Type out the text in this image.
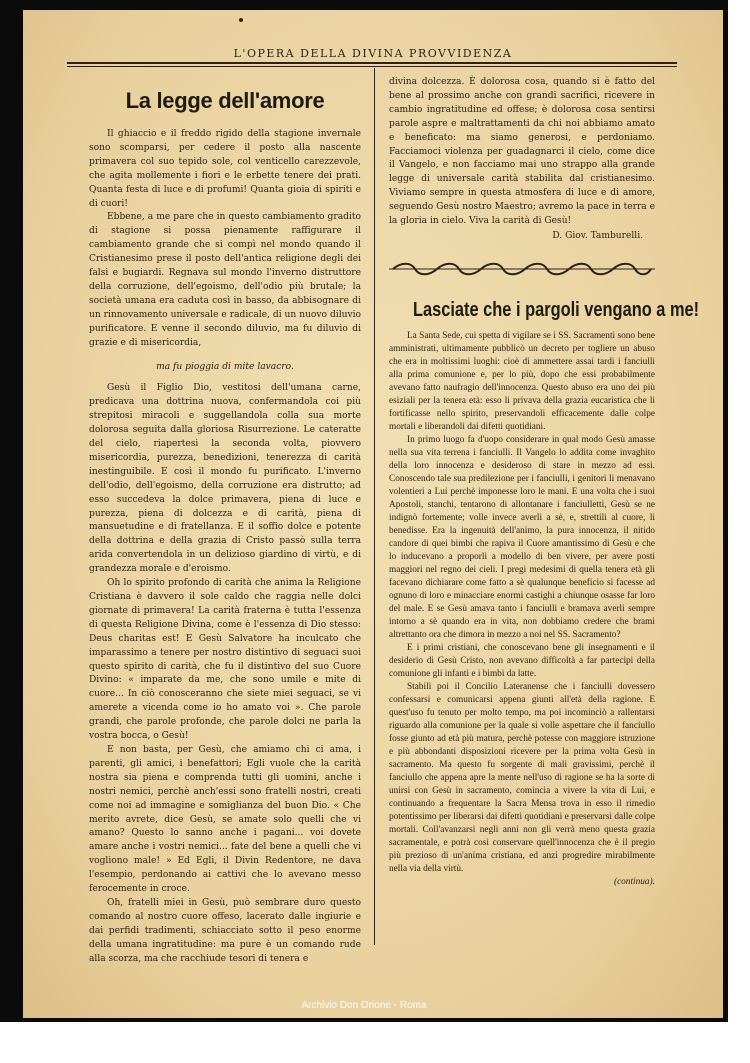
L'OPERA DELLA DIVINA PROVVIDENZA
La legge dell'amore

Il ghiaccio e il freddo rigido della stagione invernale sono scomparsi, per cedere il posto alla nascente primavera col suo tepido sole, col venticello carezzevole, che agita mollemente i fiori e le erbette tenere dei prati. Quanta festa di luce e di profumi! Quanta gioia di spiriti e di cuori!

Ebbene, a me pare che in questo cambiamento gradito di stagione si possa pienamente raffigurare il cambiamento grande che si compì nel mondo quando il Cristianesimo prese il posto dell'antica religione degli dei falsi e bugiardi. Regnava sul mondo l'inverno distruttore della corruzione, dell'egoismo, dell'odio più brutale; la società umana era caduta così in basso, da abbisognare di un rinnovamento universale e radicale, di un nuovo diluvio purificatore. E venne il secondo diluvio, ma fu diluvio di grazie e di misericordia,

ma fu pioggia di mite lavacro.

Gesù il Figlio Dio, vestitosi dell'umana carne, predicava una dottrina nuova, confermandola coi più strepitosi miracoli e suggellandola colla sua morte dolorosa seguita dalla gloriosa Risurrezione. Le cateratte del cielo, riapertesi la seconda volta, piovvero misericordia, purezza, benedizioni, tenerezza di carità inestinguibile. E così il mondo fu purificato. L'inverno dell'odio, dell'egoismo, della corruzione era distrutto; ad esso succedeva la dolce primavera, piena di luce e purezza, piena di dolcezza e di carità, piena di mansuetudine e di fratellanza. E il soffio dolce e potente della dottrina e della grazia di Cristo passò sulla terra arida convertendola in un delizioso giardino di virtù, e di grandezza morale e d'eroismo.

Oh lo spirito profondo di carità che anima la Religione Cristiana è davvero il sole caldo che raggia nelle dolci giornate di primavera! La carità fraterna è tutta l'essenza di questa Religione Divina, come è l'essenza di Dio stesso: Deus charitas est! E Gesù Salvatore ha inculcato che imparassimo a tenere per nostro distintivo di seguaci suoi questo spirito di carità, che fu il distintivo del suo Cuore Divino: « imparate da me, che sono umile e mite di cuore... In ciò conosceranno che siete miei seguaci, se vi amerete a vicenda come io ho amato voi ». Che parole grandi, che parole profonde, che parole dolci ne parla la vostra bocca, o Gesù!

E non basta, per Gesù, che amiamo chi ci ama, i parenti, gli amici, i benefattori; Egli vuole che la carità nostra sia piena e comprenda tutti gli uomini, anche i nostri nemici, perchè anch'essi sono fratelli nostri, creati come noi ad immagine e somiglianza del buon Dio. « Che merito avrete, dice Gesù, se amate solo quelli che vi amano? Questo lo sanno anche i pagani... voi dovete amare anche i vostri nemici... fate del bene a quelli che vi vogliono male! » Ed Egli, il Divin Redentore, ne dava l'esempio, perdonando ai cattivi che lo avevano messo ferocemente in croce.

Oh, fratelli miei in Gesù, può sembrare duro questo comando al nostro cuore offeso, lacerato dalle ingiurie e dai perfidi tradimenti, schiacciato sotto il peso enorme della umana ingratitudine: ma pure è un comando rude alla scorza, ma che racchiude tesori di tenera e

divina dolcezza. È dolorosa cosa, quando si è fatto del bene al prossimo anche con grandi sacrifici, ricevere in cambio ingratitudine ed offese; è dolorosa cosa sentirsi parole aspre e maltrattamenti da chi noi abbiamo amato e beneficato: ma siamo generosi, e perdoniamo. Facciamoci violenza per guadagnarci il cielo, come dice il Vangelo, e non facciamo mai uno strappo alla grande legge di universale carità stabilita dal cristianesimo. Viviamo sempre in questa atmosfera di luce e di amore, seguendo Gesù nostro Maestro; avremo la pace in terra e la gloria in cielo. Viva la carità di Gesù!

D. Giov. Tamburelli.

Lasciate che i pargoli vengano a me!

La Santa Sede, cui spetta di vigilare se i SS. Sacramenti sono bene amministrati, ultimamente pubblicò un decreto per togliere un abuso che era in moltissimi luoghi: cioè di ammettere assai tardi i fanciulli alla prima comunione e, per lo più, dopo che essi probabilmente avevano fatto naufragio dell'innocenza. Questo abuso era uno dei più esiziali per la tenera età: esso li privava della grazia eucaristica che li fortificasse nello spirito, preservandoli efficacemente dalle colpe mortali e liberandoli dai difetti quotidiani.

In primo luogo fa d'uopo considerare in qual modo Gesù amasse nella sua vita terrena i fanciulli. Il Vangelo lo addita come invaghito della loro innocenza e desideroso di stare in mezzo ad essi. Conoscendo tale sua predilezione per i fanciulli, i genitori li menavano volentieri a Lui perchè imponesse loro le mani. E una volta che i suoi Apostoli, stanchi, tentarono di allontanare i fanciulletti, Gesù se ne indignò fortemente; volle invece averli a sè, e, strettili al cuore, li benedisse. Era la ingenuità dell'animo, la pura innocenza, il nitido candore di quei bimbi che rapiva il Cuore amantissimo di Gesù e che lo inducevano a proporli a modello di ben vivere, per avere posti maggiori nel regno dei cieli. I pregi medesimi di quella tenera età gli facevano dichiarare come fatto a sè qualunque beneficio si facesse ad ognuno di loro e minacciare enormi castighi a chiunque osasse far loro del male. E se Gesù amava tanto i fanciulli e bramava averli sempre intorno a sè quando era in vita, non dobbiamo credere che brami altrettanto ora che dimora in mezzo a noi nel SS. Sacramento?

E i primi cristiani, che conoscevano bene gli insegnamenti e il desiderio di Gesù Cristo, non avevano difficoltà a far partecipi della comunione gli infanti e i bimbi da latte.

Stabilì poi il Concilio Lateranense che i fanciulli dovessero confessarsi e comunicarsi appena giunti all'età della ragione. E quest'uso fu tenuto per molto tempo, ma poi incominciò a rallentarsi riguardo alla comunione per la quale si volle aspettare che il fanciullo fosse giunto ad età più matura, perchè potesse con maggiore istruzione e più abbondanti disposizioni ricevere per la prima volta Gesù in sacramento. Ma questo fu sorgente di mali gravissimi, perchè il fanciullo che appena apre la mente nell'uso di ragione se ha la sorte di unirsi con Gesù in sacramento, comincia a vivere la vita di Lui, e continuando a frequentare la Sacra Mensa trova in esso il rimedio potentissimo per liberarsi dai difetti quotidiani e preservarsi dalle colpe mortali. Coll'avanzarsi negli anni non gli verrà meno questa grazia sacramentale, e potrà così conservare quell'innocenza che è il pregio più prezioso di un'anima cristiana, ed anzi progredire mirabilmente nella via della virtù.

(continua).
Archivio Don Orione - Roma
